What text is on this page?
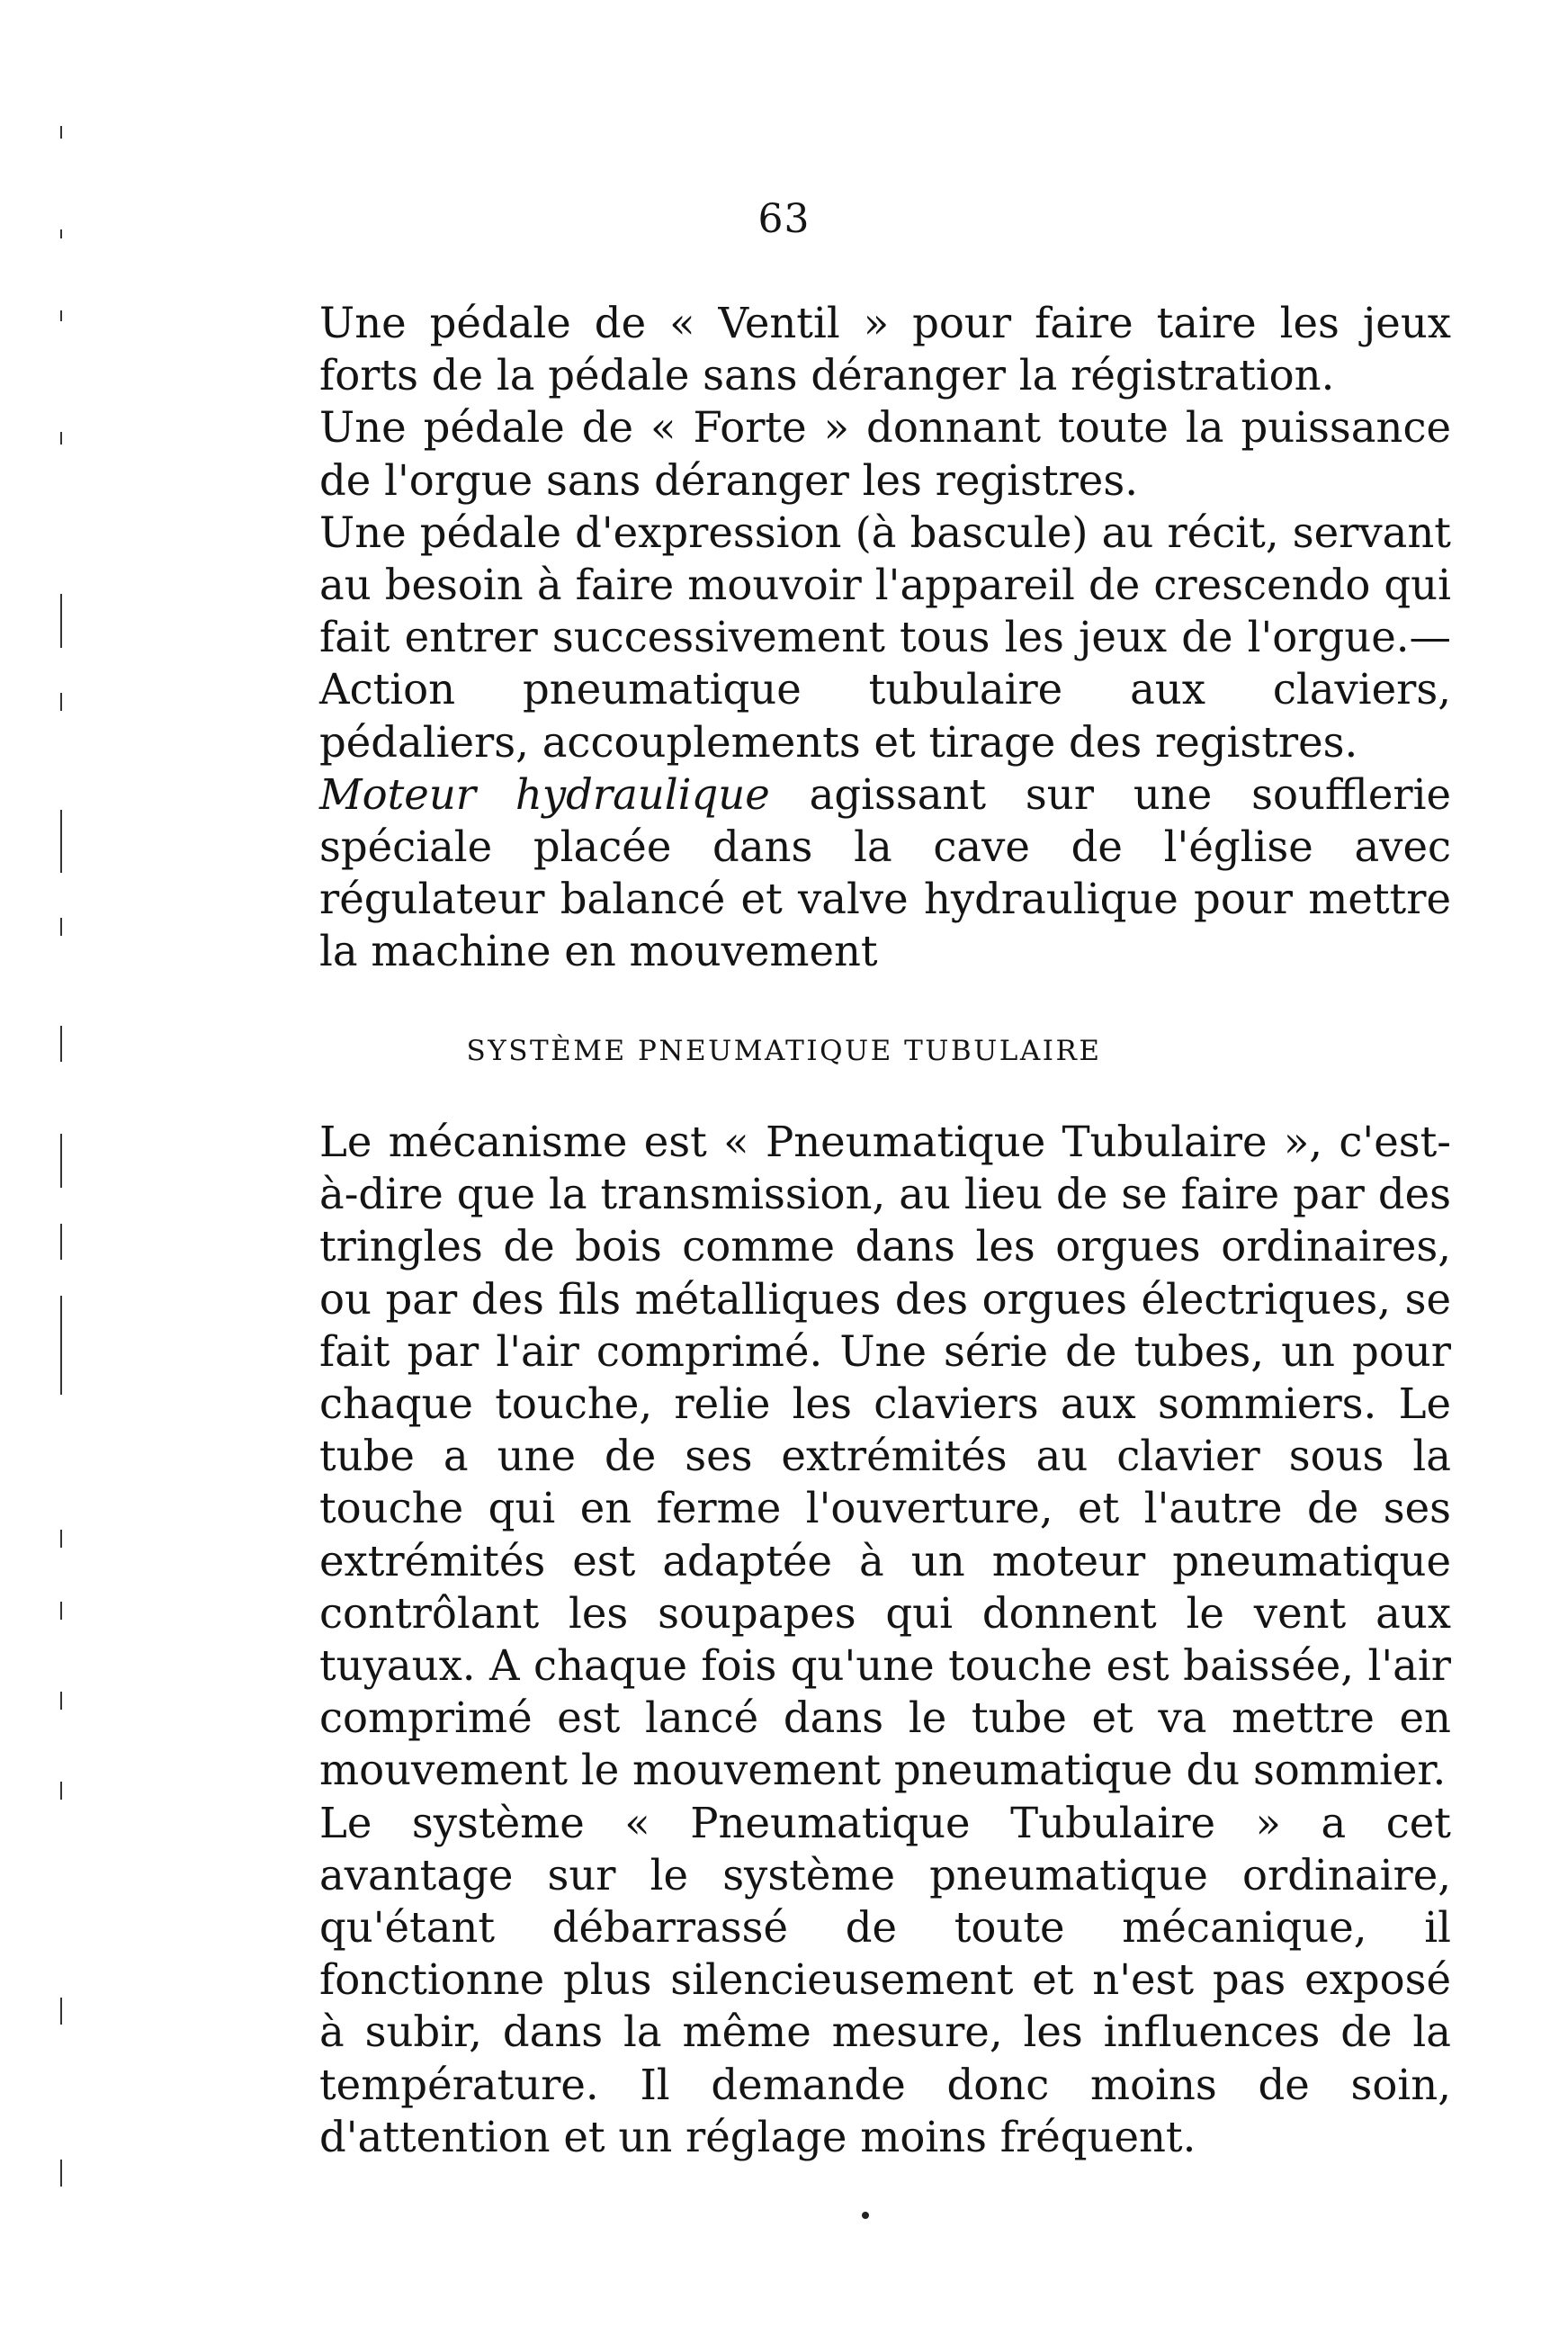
63

Une pédale de « Ventil » pour faire taire les jeux forts de la pédale sans déranger la régistration.

Une pédale de « Forte » donnant toute la puissance de l'orgue sans déranger les registres.

Une pédale d'expression (à bascule) au récit, servant au besoin à faire mouvoir l'appareil de crescendo qui fait entrer successivement tous les jeux de l'orgue.— Action pneumatique tubulaire aux claviers, pédaliers, accouplements et tirage des registres.

Moteur hydraulique agissant sur une soufflerie spéciale placée dans la cave de l'église avec régulateur balancé et valve hydraulique pour mettre la machine en mouvement

SYSTÈME PNEUMATIQUE TUBULAIRE

Le mécanisme est « Pneumatique Tubulaire », c'est-à-dire que la transmission, au lieu de se faire par des tringles de bois comme dans les orgues ordinaires, ou par des fils métalliques des orgues électriques, se fait par l'air comprimé. Une série de tubes, un pour chaque touche, relie les claviers aux sommiers. Le tube a une de ses extrémités au clavier sous la touche qui en ferme l'ouverture, et l'autre de ses extrémités est adaptée à un moteur pneumatique contrôlant les soupapes qui donnent le vent aux tuyaux. A chaque fois qu'une touche est baissée, l'air comprimé est lancé dans le tube et va mettre en mouvement le mouvement pneumatique du sommier.

Le système « Pneumatique Tubulaire » a cet avantage sur le système pneumatique ordinaire, qu'étant débarrassé de toute mécanique, il fonctionne plus silencieusement et n'est pas exposé à subir, dans la même mesure, les influences de la température. Il demande donc moins de soin, d'attention et un réglage moins fréquent.
